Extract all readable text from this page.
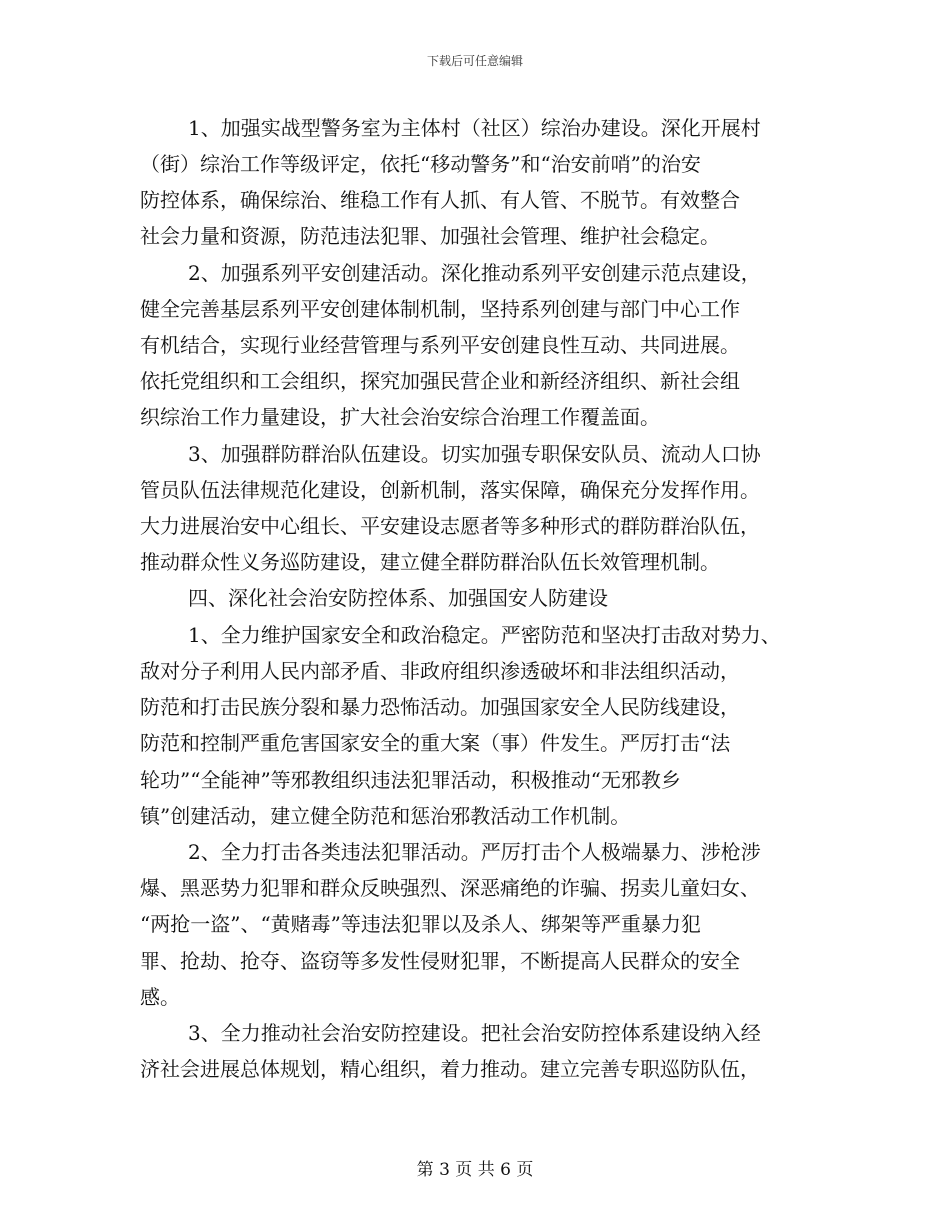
下载后可任意编辑
1、加强实战型警务室为主体村（社区）综治办建设。深化开展村
（街）综治工作等级评定，依托“移动警务”和“治安前哨”的治安
防控体系，确保综治、维稳工作有人抓、有人管、不脱节。有效整合
社会力量和资源，防范违法犯罪、加强社会管理、维护社会稳定。
2、加强系列平安创建活动。深化推动系列平安创建示范点建设，
健全完善基层系列平安创建体制机制，坚持系列创建与部门中心工作
有机结合，实现行业经营管理与系列平安创建良性互动、共同进展。
依托党组织和工会组织，探究加强民营企业和新经济组织、新社会组
织综治工作力量建设，扩大社会治安综合治理工作覆盖面。
3、加强群防群治队伍建设。切实加强专职保安队员、流动人口协
管员队伍法律规范化建设，创新机制，落实保障，确保充分发挥作用。
大力进展治安中心组长、平安建设志愿者等多种形式的群防群治队伍，
推动群众性义务巡防建设，建立健全群防群治队伍长效管理机制。
四、深化社会治安防控体系、加强国安人防建设
1、全力维护国家安全和政治稳定。严密防范和坚决打击敌对势力、
敌对分子利用人民内部矛盾、非政府组织渗透破坏和非法组织活动，
防范和打击民族分裂和暴力恐怖活动。加强国家安全人民防线建设，
防范和控制严重危害国家安全的重大案（事）件发生。严厉打击“法
轮功”“全能神”等邪教组织违法犯罪活动，积极推动“无邪教乡
镇”创建活动，建立健全防范和惩治邪教活动工作机制。
2、全力打击各类违法犯罪活动。严厉打击个人极端暴力、涉枪涉
爆、黑恶势力犯罪和群众反映强烈、深恶痛绝的诈骗、拐卖儿童妇女、
“两抢一盗”、“黄赌毒”等违法犯罪以及杀人、绑架等严重暴力犯
罪、抢劫、抢夺、盗窃等多发性侵财犯罪，不断提高人民群众的安全
感。
3、全力推动社会治安防控建设。把社会治安防控体系建设纳入经
济社会进展总体规划，精心组织，着力推动。建立完善专职巡防队伍，
第 3 页 共 6 页
